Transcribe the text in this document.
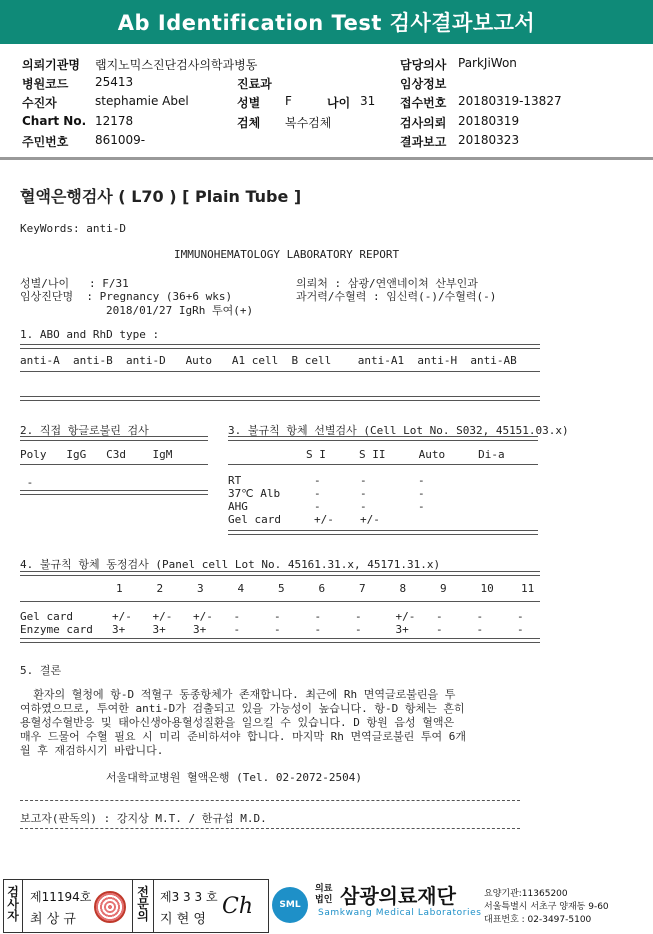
Ab Identification Test 검사결과보고서
의뢰기관명 랩지노믹스진단검사의학과병동	담당의사 ParkJiWon
병원코드 25413	진료과	임상정보
수진자	stephamie Abel	성별 F	나이 31 접수번호 20180319-13827
Chart No. 12178	검체 복수검체	검사의뢰 20180319
주민번호 861009-	결과보고 20180323
혈액은행검사 ( L70 ) [ Plain Tube ]
KeyWords: anti-D
IMMUNOHEMATOLOGY LABORATORY REPORT
성별/나이   : F/31
임상진단명  : Pregnancy (36+6 wks)
2018/01/27 IgRh 투여(+)
의뢰처 : 삼광/연앤네이쳐 산부인과
과거력/수혈력 : 임신력(-)/수혈력(-)
1. ABO and RhD type :
anti-A  anti-B  anti-D   Auto   A1 cell  B cell    anti-A1  anti-H  anti-AB
2. 직접 항글로불린 검사
Poly   IgG   C3d    IgM
-
3. 불규칙 항체 선별검사 (Cell Lot No. S032, 45151.03.x)
S I     S II     Auto     Di-a
RT	-	-	-
37℃ Alb	-	-	-
AHG	-	-	-
Gel card	+/- +/-
4. 불규칙 항체 동정검사 (Panel cell Lot No. 45161.31.x, 45171.31.x)
1	2	3	4	5	6	7	8	9	10 11
Gel card	+/- +/- +/- -	-	-	-	+/- -	-	-
Enzyme card 3+ 3+ 3+ -	-	-	-	3+ -	-	-
5. 결론
환자의 혈청에 항-D 적혈구 동종항체가 존재합니다. 최근에 Rh 면역글로불린을 투
여하였으므로, 투여한 anti-D가 검출되고 있을 가능성이 높습니다. 항-D 항체는 흔히
용혈성수혈반응 및 태아신생아용혈성질환을 일으킬 수 있습니다. D 항원 음성 혈액은
매우 드물어 수혈 필요 시 미리 준비하셔야 합니다. 마지막 Rh 면역글로불린 투여 6개
월 후 재검하시기 바랍니다.
서울대학교병원 혈액은행 (Tel. 02-2072-2504)
보고자(판독의) : 강지상 M.T. / 한규섭 M.D.
검
사
자
제11194호
최 상 규
전
문
의
제3 3 3 호
지 현 영
Ch	SML
의료
법인 삼광의료재단
Samkwang Medical Laboratories
요양기관:11365200
서울특별시 서초구 양재동 9-60
대표번호 : 02-3497-5100
